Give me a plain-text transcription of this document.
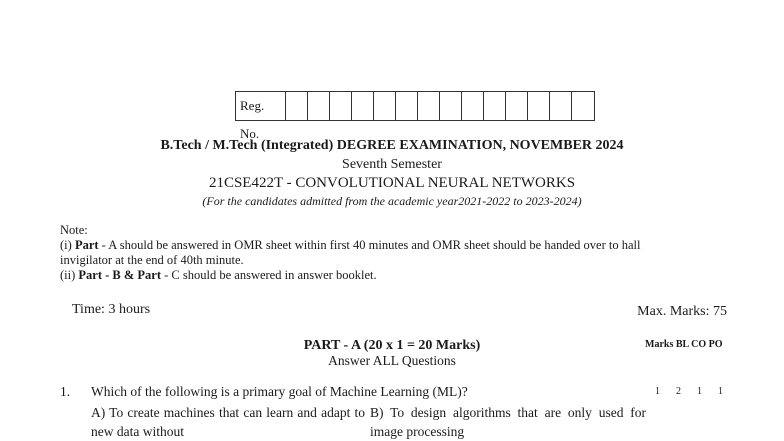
Reg. No.
B.Tech / M.Tech (Integrated) DEGREE EXAMINATION, NOVEMBER 2024
Seventh Semester
21CSE422T - CONVOLUTIONAL NEURAL NETWORKS
(For the candidates admitted from the academic year2021-2022 to 2023-2024)
Note:
(i) Part - A should be answered in OMR sheet within first 40 minutes and OMR sheet should be handed over to hall
invigilator at the end of 40th minute.
(ii) Part - B & Part - C should be answered in answer booklet.
Time: 3 hours	Max. Marks: 75
PART - A (20 x 1 = 20 Marks)
Answer ALL Questions
Marks BL CO PO
1. Which of the following is a primary goal of Machine Learning (ML)?	1 2 1 1
A) To create machines that can learn and adapt to new data without
B) To design algorithms that are only used for image processing
